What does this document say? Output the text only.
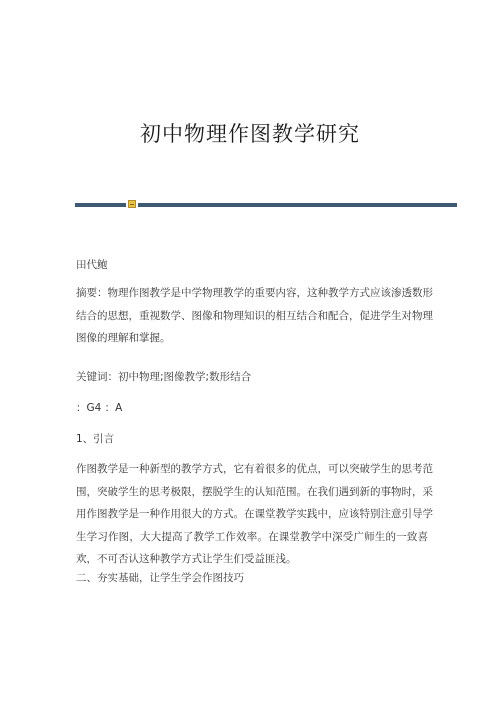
初中物理作图教学研究
田代鲍
摘要：物理作图教学是中学物理教学的重要内容，这种教学方式应该渗透数形
结合的思想，重视数学、图像和物理知识的相互结合和配合，促进学生对物理
图像的理解和掌握。
关键词：初中物理;图像教学;数形结合
：G4 ：A
1、引言
作图教学是一种新型的教学方式，它有着很多的优点，可以突破学生的思考范
围，突破学生的思考极限，摆脱学生的认知范围。在我们遇到新的事物时，采
用作图教学是一种作用很大的方式。在课堂教学实践中，应该特别注意引导学
生学习作图，大大提高了教学工作效率。在课堂教学中深受广师生的一致喜
欢，不可否认这种教学方式让学生们受益匪浅。
二、夯实基础，让学生学会作图技巧
